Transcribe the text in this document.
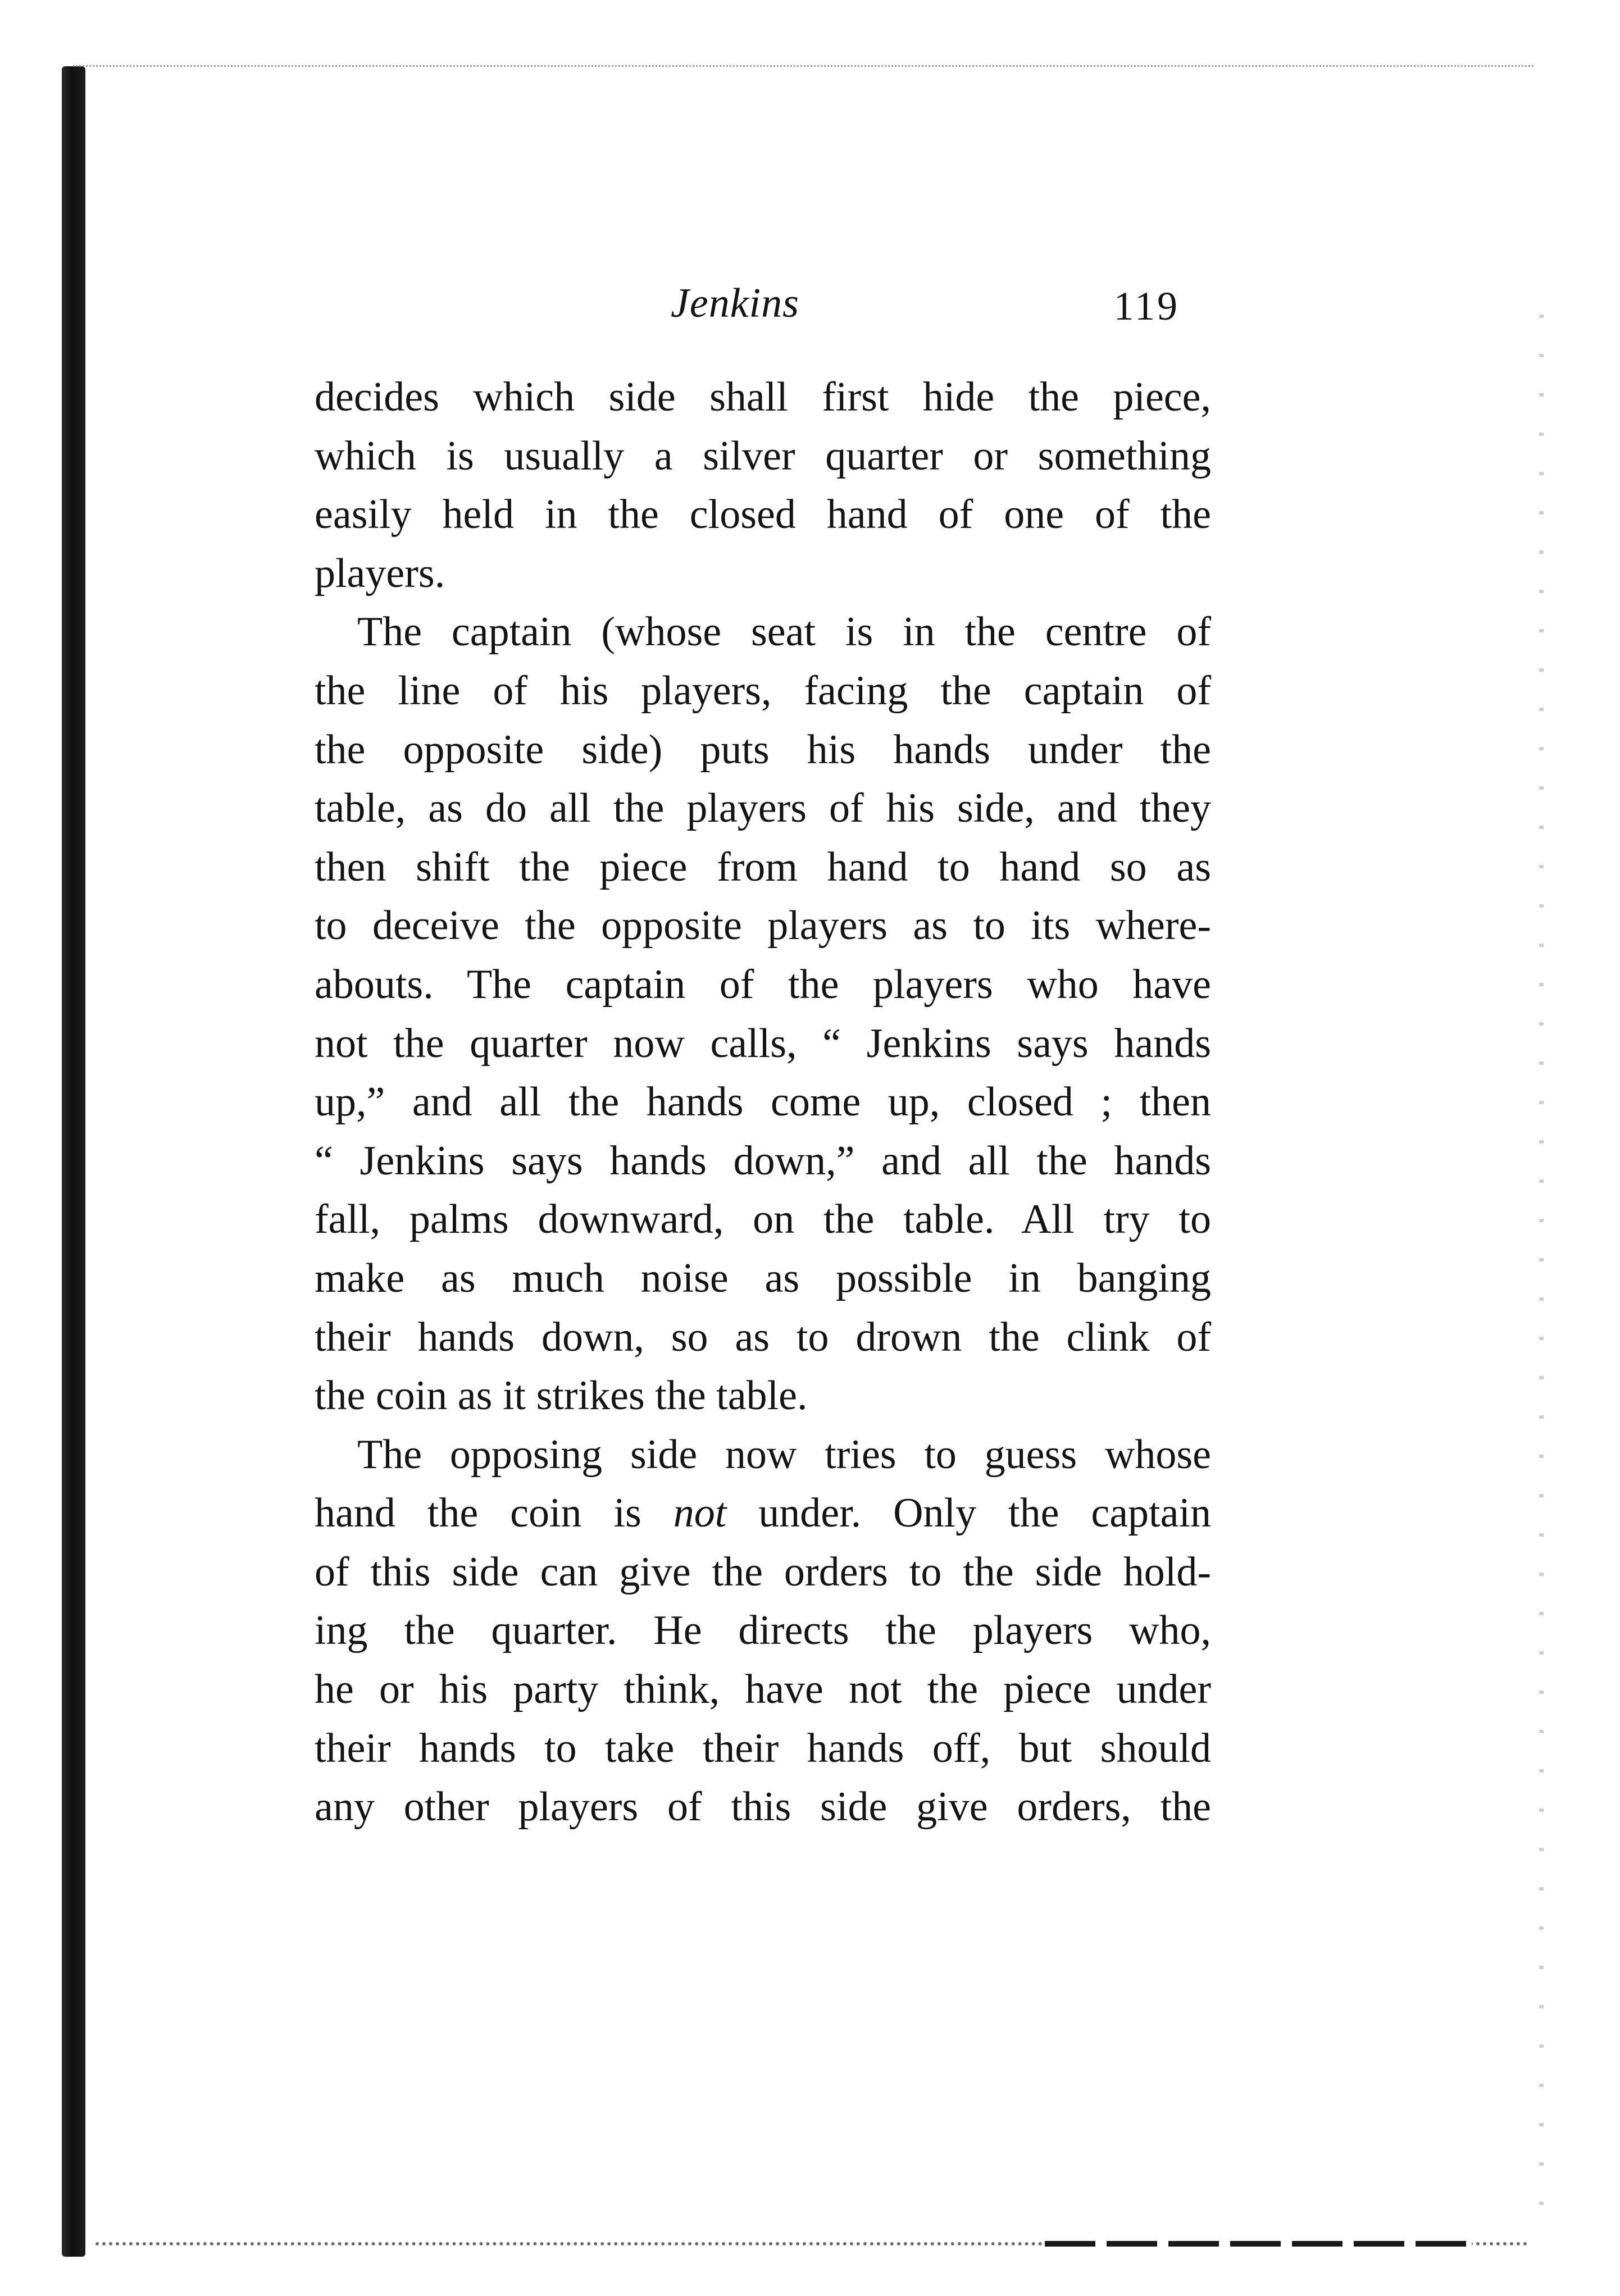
Jenkins	119
decides which side shall first hide the piece,
which is usually a silver quarter or something
easily held in the closed hand of one of the
players.
The captain (whose seat is in the centre of
the line of his players, facing the captain of
the opposite side) puts his hands under the
table, as do all the players of his side, and they
then shift the piece from hand to hand so as
to deceive the opposite players as to its where-
abouts. The captain of the players who have
not the quarter now calls, “ Jenkins says hands
up,” and all the hands come up, closed ; then
“ Jenkins says hands down,” and all the hands
fall, palms downward, on the table. All try to
make as much noise as possible in banging
their hands down, so as to drown the clink of
the coin as it strikes the table.
The opposing side now tries to guess whose
hand the coin is not under. Only the captain
of this side can give the orders to the side hold-
ing the quarter. He directs the players who,
he or his party think, have not the piece under
their hands to take their hands off, but should
any other players of this side give orders, the
